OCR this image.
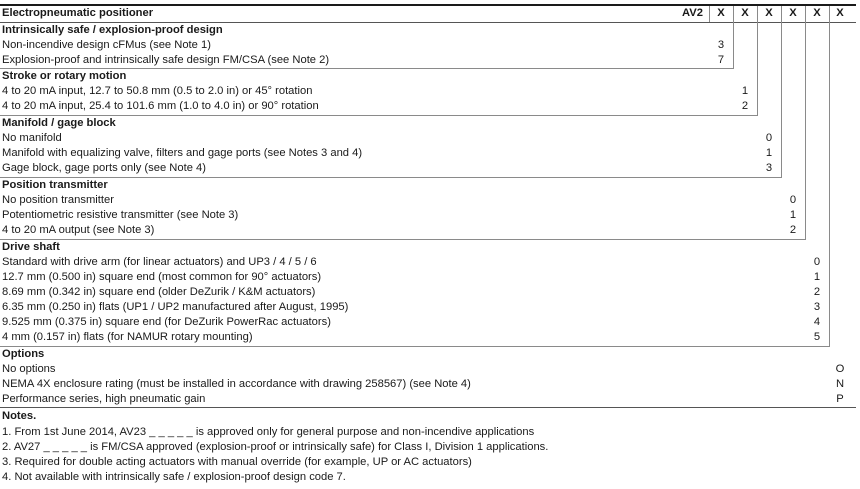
Electropneumatic positioner	AV2 X X X X X X
Intrinsically safe / explosion-proof design
Non-incendive design cFMus (see Note 1)	3
Explosion-proof and intrinsically safe design FM/CSA (see Note 2)	7
Stroke or rotary motion
4 to 20 mA input, 12.7 to 50.8 mm (0.5 to 2.0 in) or 45° rotation	1
4 to 20 mA input, 25.4 to 101.6 mm (1.0 to 4.0 in) or 90° rotation	2
Manifold / gage block
No manifold	0
Manifold with equalizing valve, filters and gage ports (see Notes 3 and 4)	1
Gage block, gage ports only (see Note 4)	3
Position transmitter
No position transmitter	0
Potentiometric resistive transmitter (see Note 3)	1
4 to 20 mA output (see Note 3)	2
Drive shaft
Standard with drive arm (for linear actuators) and UP3 / 4 / 5 / 6	0
12.7 mm (0.500 in) square end (most common for 90° actuators)	1
8.69 mm (0.342 in) square end (older DeZurik / K&M actuators)	2
6.35 mm (0.250 in) flats (UP1 / UP2 manufactured after August, 1995)	3
9.525 mm (0.375 in) square end (for DeZurik PowerRac actuators)	4
4 mm (0.157 in) flats (for NAMUR rotary mounting)	5
Options
No options	O
NEMA 4X enclosure rating (must be installed in accordance with drawing 258567) (see Note 4)	N
Performance series, high pneumatic gain	P
Notes.
1. From 1st June 2014, AV23 _ _ _ _ _ is approved only for general purpose and non-incendive applications
2. AV27 _ _ _ _ _ is FM/CSA approved (explosion-proof or intrinsically safe) for Class I, Division 1 applications.
3. Required for double acting actuators with manual override (for example, UP or AC actuators)
4. Not available with intrinsically safe / explosion-proof design code 7.
